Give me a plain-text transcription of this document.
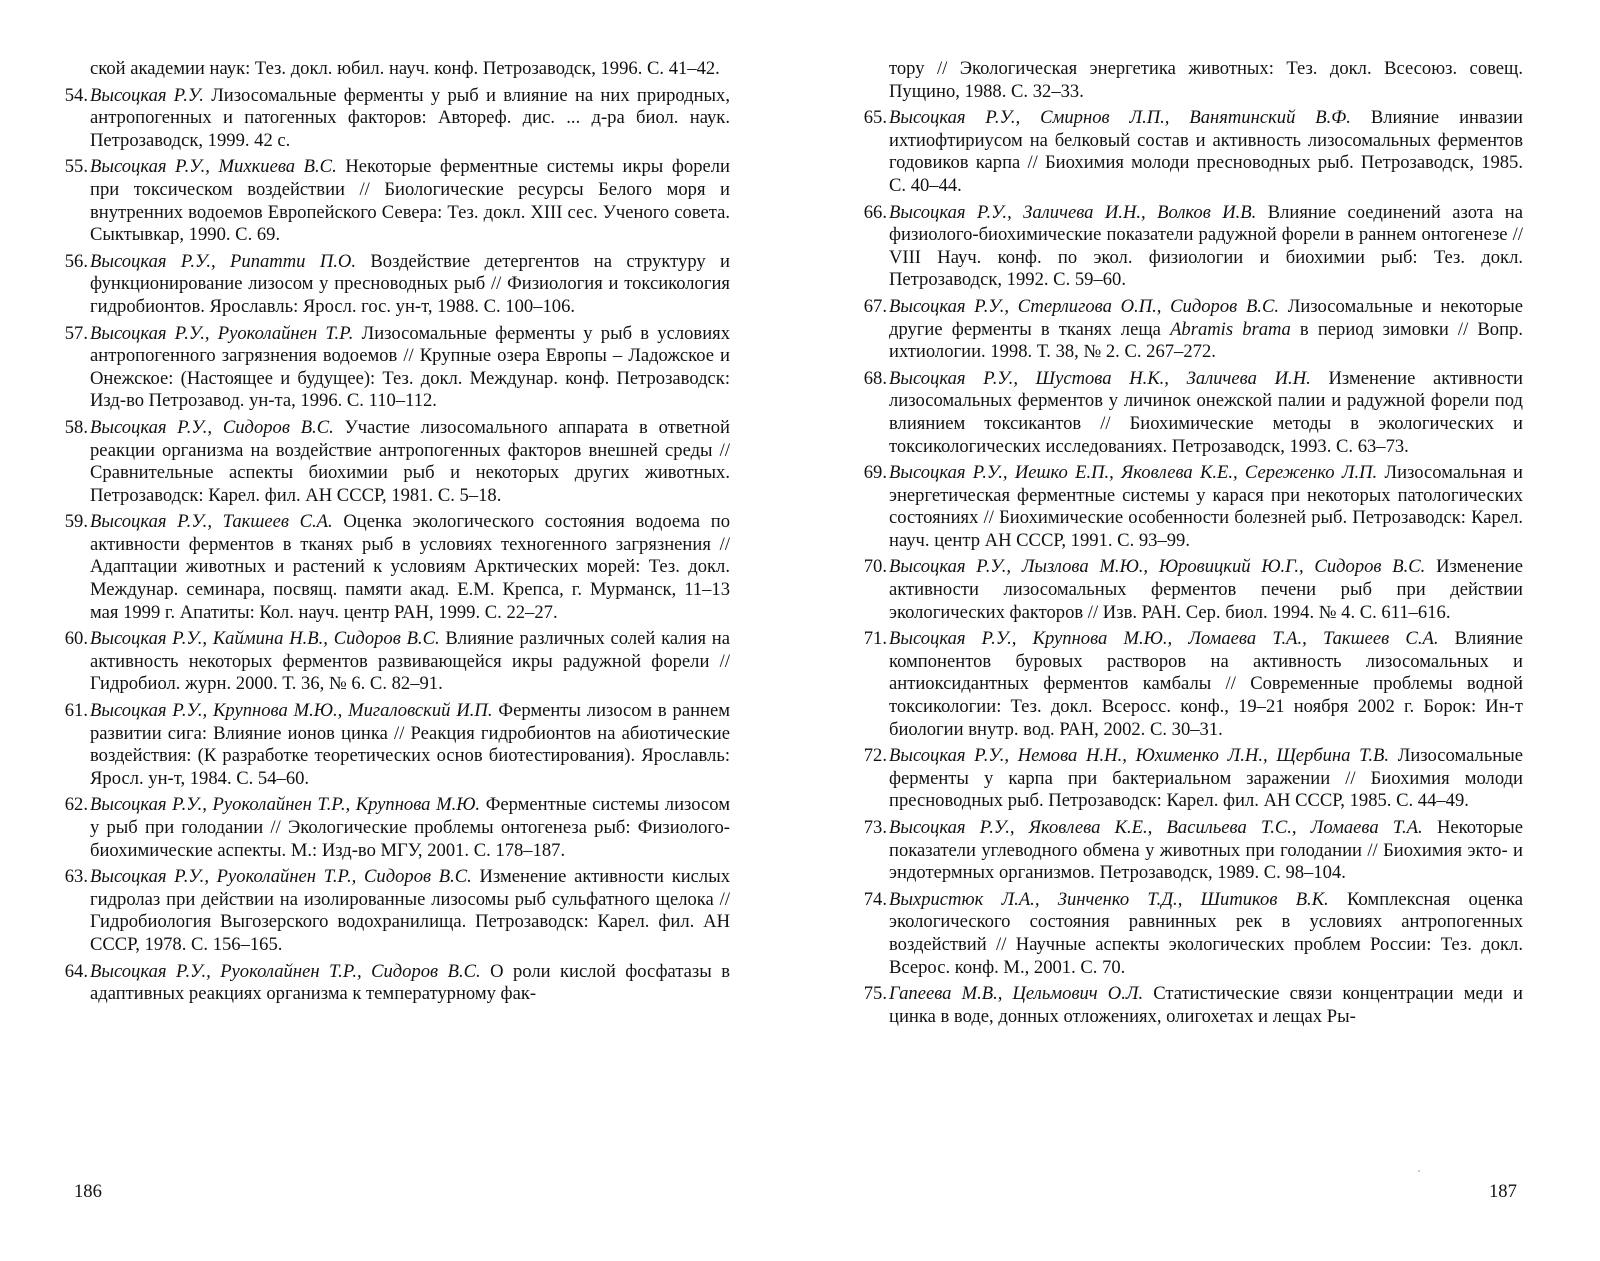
ской академии наук: Тез. докл. юбил. науч. конф. Петрозаводск, 1996. С. 41–42.
54. Высоцкая Р.У. Лизосомальные ферменты у рыб и влияние на них природных, антропогенных и патогенных факторов: Автореф. дис. ... д-ра биол. наук. Петрозаводск, 1999. 42 с.
55. Высоцкая Р.У., Михкиева В.С. Некоторые ферментные системы икры форели при токсическом воздействии // Биологические ресурсы Белого моря и внутренних водоемов Европейского Севера: Тез. докл. XIII сес. Ученого совета. Сыктывкар, 1990. С. 69.
56. Высоцкая Р.У., Рипатти П.О. Воздействие детергентов на структуру и функционирование лизосом у пресноводных рыб // Физиология и токсикология гидробионтов. Ярославль: Яросл. гос. ун-т, 1988. С. 100–106.
57. Высоцкая Р.У., Руоколайнен Т.Р. Лизосомальные ферменты у рыб в условиях антропогенного загрязнения водоемов // Крупные озера Европы – Ладожское и Онежское: (Настоящее и будущее): Тез. докл. Междунар. конф. Петрозаводск: Изд-во Петрозавод. ун-та, 1996. С. 110–112.
58. Высоцкая Р.У., Сидоров В.С. Участие лизосомального аппарата в ответной реакции организма на воздействие антропогенных факторов внешней среды // Сравнительные аспекты биохимии рыб и некоторых других животных. Петрозаводск: Карел. фил. АН СССР, 1981. С. 5–18.
59. Высоцкая Р.У., Такшеев С.А. Оценка экологического состояния водоема по активности ферментов в тканях рыб в условиях техногенного загрязнения // Адаптации животных и растений к условиям Арктических морей: Тез. докл. Междунар. семинара, посвящ. памяти акад. Е.М. Крепса, г. Мурманск, 11–13 мая 1999 г. Апатиты: Кол. науч. центр РАН, 1999. С. 22–27.
60. Высоцкая Р.У., Каймина Н.В., Сидоров В.С. Влияние различных солей калия на активность некоторых ферментов развивающейся икры радужной форели // Гидробиол. журн. 2000. Т. 36, № 6. С. 82–91.
61. Высоцкая Р.У., Крупнова М.Ю., Мигаловский И.П. Ферменты лизосом в раннем развитии сига: Влияние ионов цинка // Реакция гидробионтов на абиотические воздействия: (К разработке теоретических основ биотестирования). Ярославль: Яросл. ун-т, 1984. С. 54–60.
62. Высоцкая Р.У., Руоколайнен Т.Р., Крупнова М.Ю. Ферментные системы лизосом у рыб при голодании // Экологические проблемы онтогенеза рыб: Физиолого-биохимические аспекты. М.: Изд-во МГУ, 2001. С. 178–187.
63. Высоцкая Р.У., Руоколайнен Т.Р., Сидоров В.С. Изменение активности кислых гидролаз при действии на изолированные лизосомы рыб сульфатного щелока // Гидробиология Выгозерского водохранилища. Петрозаводск: Карел. фил. АН СССР, 1978. С. 156–165.
64. Высоцкая Р.У., Руоколайнен Т.Р., Сидоров В.С. О роли кислой фосфатазы в адаптивных реакциях организма к температурному фак-
186
тору // Экологическая энергетика животных: Тез. докл. Всесоюз. совещ. Пущино, 1988. С. 32–33.
65. Высоцкая Р.У., Смирнов Л.П., Ванятинский В.Ф. Влияние инвазии ихтиофтириусом на белковый состав и активность лизосомальных ферментов годовиков карпа // Биохимия молоди пресноводных рыб. Петрозаводск, 1985. С. 40–44.
66. Высоцкая Р.У., Заличева И.Н., Волков И.В. Влияние соединений азота на физиолого-биохимические показатели радужной форели в раннем онтогенезе // VIII Науч. конф. по экол. физиологии и биохимии рыб: Тез. докл. Петрозаводск, 1992. С. 59–60.
67. Высоцкая Р.У., Стерлигова О.П., Сидоров В.С. Лизосомальные и некоторые другие ферменты в тканях леща Abramis brama в период зимовки // Вопр. ихтиологии. 1998. Т. 38, № 2. С. 267–272.
68. Высоцкая Р.У., Шустова Н.К., Заличева И.Н. Изменение активности лизосомальных ферментов у личинок онежской палии и радужной форели под влиянием токсикантов // Биохимические методы в экологических и токсикологических исследованиях. Петрозаводск, 1993. С. 63–73.
69. Высоцкая Р.У., Иешко Е.П., Яковлева К.Е., Сереженко Л.П. Лизосомальная и энергетическая ферментные системы у карася при некоторых патологических состояниях // Биохимические особенности болезней рыб. Петрозаводск: Карел. науч. центр АН СССР, 1991. С. 93–99.
70. Высоцкая Р.У., Лызлова М.Ю., Юровицкий Ю.Г., Сидоров В.С. Изменение активности лизосомальных ферментов печени рыб при действии экологических факторов // Изв. РАН. Сер. биол. 1994. № 4. С. 611–616.
71. Высоцкая Р.У., Крупнова М.Ю., Ломаева Т.А., Такшеев С.А. Влияние компонентов буровых растворов на активность лизосомальных и антиоксидантных ферментов камбалы // Современные проблемы водной токсикологии: Тез. докл. Всеросс. конф., 19–21 ноября 2002 г. Борок: Ин-т биологии внутр. вод. РАН, 2002. С. 30–31.
72. Высоцкая Р.У., Немова Н.Н., Юхименко Л.Н., Щербина Т.В. Лизосомальные ферменты у карпа при бактериальном заражении // Биохимия молоди пресноводных рыб. Петрозаводск: Карел. фил. АН СССР, 1985. С. 44–49.
73. Высоцкая Р.У., Яковлева К.Е., Васильева Т.С., Ломаева Т.А. Некоторые показатели углеводного обмена у животных при голодании // Биохимия экто- и эндотермных организмов. Петрозаводск, 1989. С. 98–104.
74. Выхристюк Л.А., Зинченко Т.Д., Шитиков В.К. Комплексная оценка экологического состояния равнинных рек в условиях антропогенных воздействий // Научные аспекты экологических проблем России: Тез. докл. Всерос. конф. М., 2001. С. 70.
75. Гапеева М.В., Цельмович О.Л. Статистические связи концентрации меди и цинка в воде, донных отложениях, олигохетах и лещах Ры-
187
